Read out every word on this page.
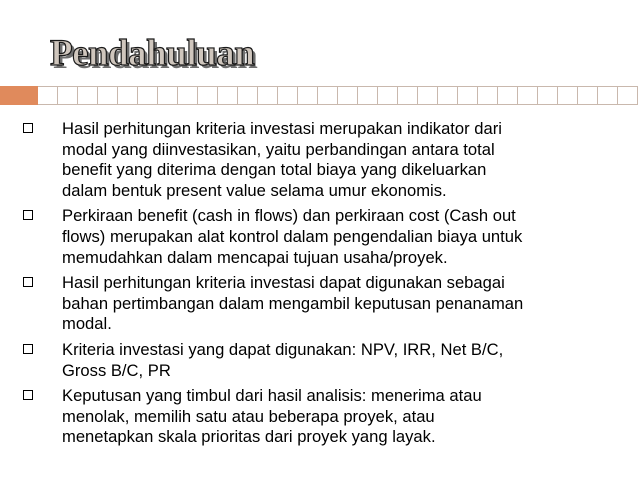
Pendahuluan
Hasil perhitungan kriteria investasi merupakan indikator dari
modal yang diinvestasikan, yaitu perbandingan antara total
benefit yang diterima dengan total biaya yang dikeluarkan
dalam bentuk present value selama umur ekonomis.
Perkiraan benefit (cash in flows) dan perkiraan cost (Cash out
flows) merupakan alat kontrol dalam pengendalian biaya untuk
memudahkan dalam mencapai tujuan usaha/proyek.
Hasil perhitungan kriteria investasi dapat digunakan sebagai
bahan pertimbangan dalam mengambil keputusan penanaman
modal.
Kriteria investasi yang dapat digunakan: NPV, IRR, Net B/C,
Gross B/C, PR
Keputusan yang timbul dari hasil analisis: menerima atau
menolak, memilih satu atau beberapa proyek, atau
menetapkan skala prioritas dari proyek yang layak.
